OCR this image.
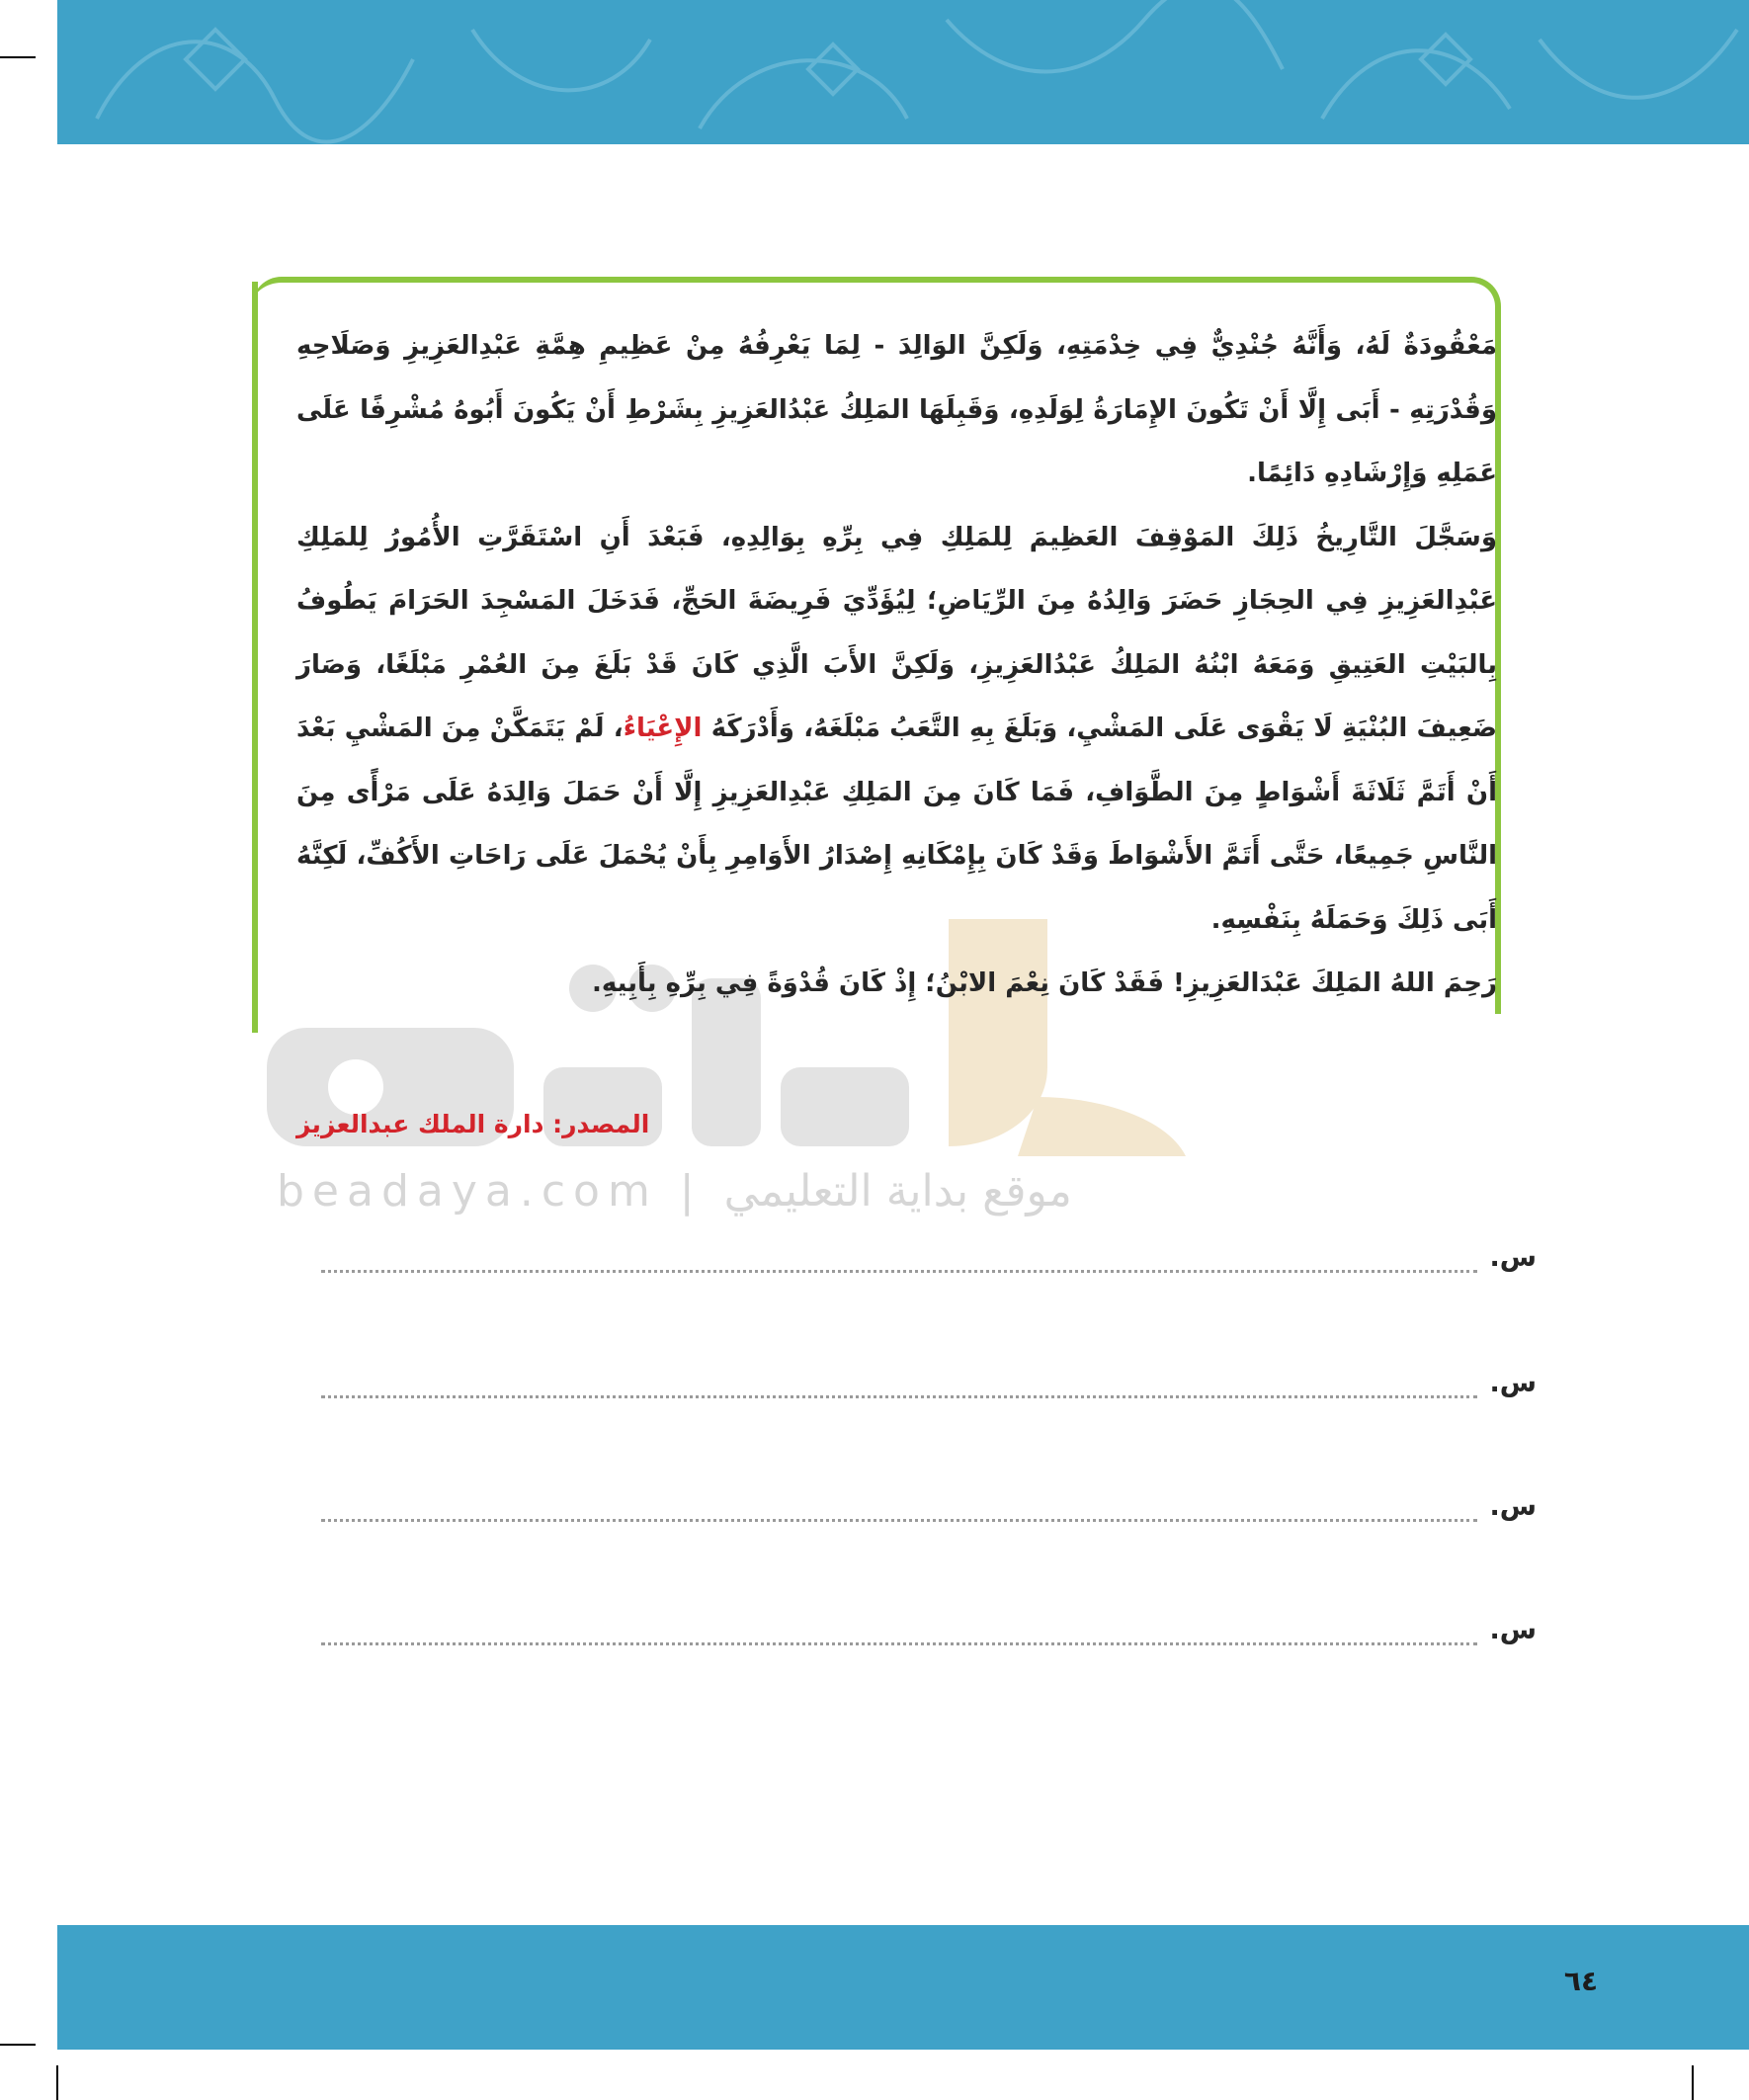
beadaya.com | موقع بداية التعليمي

مَعْقُودَةٌ لَهُ، وَأَنَّهُ جُنْدِيٌّ فِي خِدْمَتِهِ، وَلَكِنَّ الوَالِدَ - لِمَا يَعْرِفُهُ مِنْ عَظِيمِ هِمَّةِ عَبْدِالعَزِيزِ وَصَلَاحِهِ وَقُدْرَتِهِ - أَبَى إِلَّا أَنْ تَكُونَ الإِمَارَةُ لِوَلَدِهِ، وَقَبِلَهَا المَلِكُ عَبْدُالعَزِيزِ بِشَرْطِ أَنْ يَكُونَ أَبُوهُ مُشْرِفًا عَلَى عَمَلِهِ وَإِرْشَادِهِ دَائِمًا.

وَسَجَّلَ التَّارِيخُ ذَلِكَ المَوْقِفَ العَظِيمَ لِلمَلِكِ فِي بِرِّهِ بِوَالِدِهِ، فَبَعْدَ أَنِ اسْتَقَرَّتِ الأُمُورُ لِلمَلِكِ عَبْدِالعَزِيزِ فِي الحِجَازِ حَضَرَ وَالِدُهُ مِنَ الرِّيَاضِ؛ لِيُؤَدِّيَ فَرِيضَةَ الحَجِّ، فَدَخَلَ المَسْجِدَ الحَرَامَ يَطُوفُ بِالبَيْتِ العَتِيقِ وَمَعَهُ ابْنُهُ المَلِكُ عَبْدُالعَزِيزِ، وَلَكِنَّ الأَبَ الَّذِي كَانَ قَدْ بَلَغَ مِنَ العُمْرِ مَبْلَغًا، وَصَارَ ضَعِيفَ البُنْيَةِ لَا يَقْوَى عَلَى المَشْيِ، وَبَلَغَ بِهِ التَّعَبُ مَبْلَغَهُ، وَأَدْرَكَهُ الإِعْيَاءُ، لَمْ يَتَمَكَّنْ مِنَ المَشْيِ بَعْدَ أَنْ أَتَمَّ ثَلَاثَةَ أَشْوَاطٍ مِنَ الطَّوَافِ، فَمَا كَانَ مِنَ المَلِكِ عَبْدِالعَزِيزِ إِلَّا أَنْ حَمَلَ وَالِدَهُ عَلَى مَرْأًى مِنَ النَّاسِ جَمِيعًا، حَتَّى أَتَمَّ الأَشْوَاطَ وَقَدْ كَانَ بِإِمْكَانِهِ إِصْدَارُ الأَوَامِرِ بِأَنْ يُحْمَلَ عَلَى رَاحَاتِ الأَكُفِّ، لَكِنَّهُ أَبَى ذَلِكَ وَحَمَلَهُ بِنَفْسِهِ.

رَحِمَ اللهُ المَلِكَ عَبْدَالعَزِيزِ! فَقَدْ كَانَ نِعْمَ الابْنُ؛ إِذْ كَانَ قُدْوَةً فِي بِرِّهِ بِأَبِيهِ.

المصدر: دارة الملك عبدالعزيز
س.
س.
س.
س.
٦٤
